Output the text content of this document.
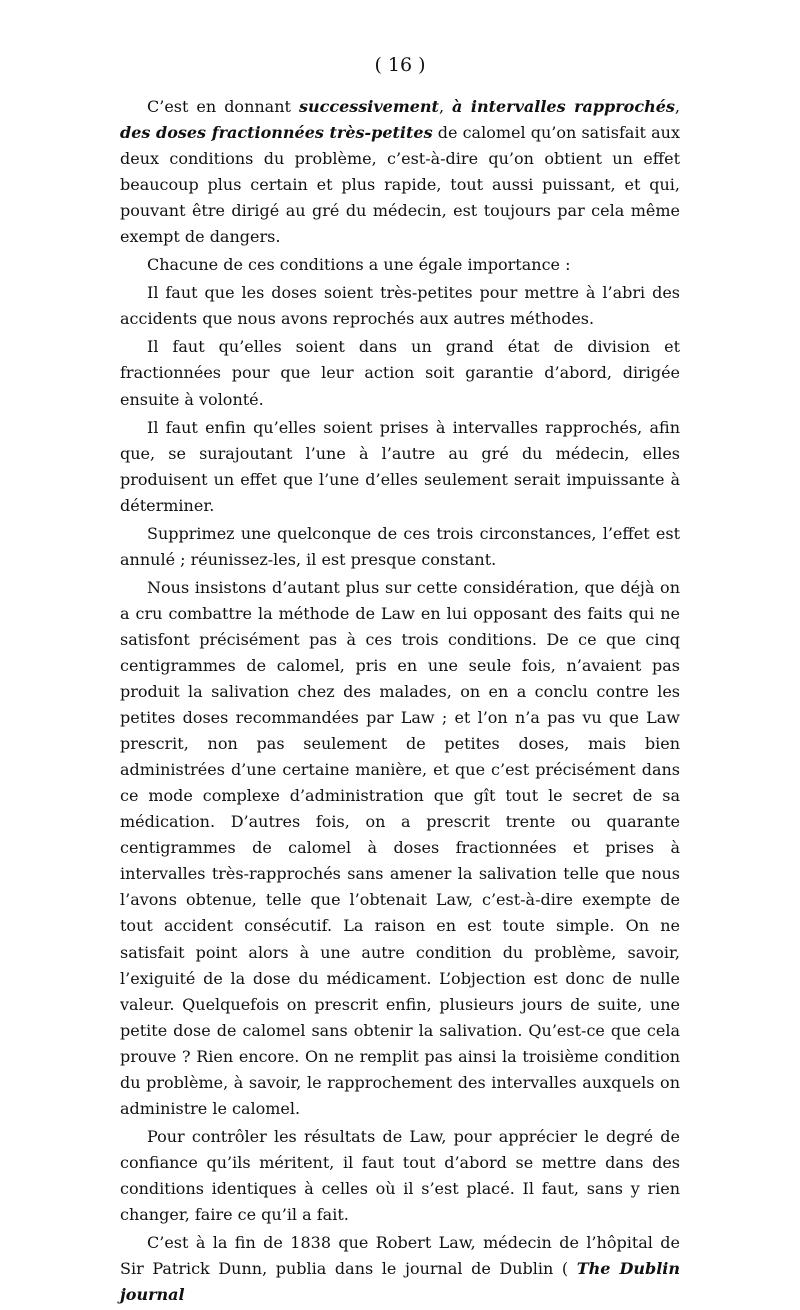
( 16 )

C’est en donnant successivement, à intervalles rapprochés, des doses fractionnées très-petites de calomel qu’on satisfait aux deux conditions du problème, c’est-à-dire qu’on obtient un effet beaucoup plus certain et plus rapide, tout aussi puissant, et qui, pouvant être dirigé au gré du médecin, est toujours par cela même exempt de dangers.

Chacune de ces conditions a une égale importance :

Il faut que les doses soient très-petites pour mettre à l’abri des accidents que nous avons reprochés aux autres méthodes.

Il faut qu’elles soient dans un grand état de division et fractionnées pour que leur action soit garantie d’abord, dirigée ensuite à volonté.

Il faut enfin qu’elles soient prises à intervalles rapprochés, afin que, se surajoutant l’une à l’autre au gré du médecin, elles produisent un effet que l’une d’elles seulement serait impuissante à déterminer.

Supprimez une quelconque de ces trois circonstances, l’effet est annulé ; réunissez-les, il est presque constant.

Nous insistons d’autant plus sur cette considération, que déjà on a cru combattre la méthode de Law en lui opposant des faits qui ne satisfont précisément pas à ces trois conditions. De ce que cinq centigrammes de calomel, pris en une seule fois, n’avaient pas produit la salivation chez des malades, on en a conclu contre les petites doses recommandées par Law ; et l’on n’a pas vu que Law prescrit, non pas seulement de petites doses, mais bien administrées d’une certaine manière, et que c’est précisément dans ce mode complexe d’administration que gît tout le secret de sa médication. D’autres fois, on a prescrit trente ou quarante centigrammes de calomel à doses fractionnées et prises à intervalles très-rapprochés sans amener la salivation telle que nous l’avons obtenue, telle que l’obtenait Law, c’est-à-dire exempte de tout accident consécutif. La raison en est toute simple. On ne satisfait point alors à une autre condition du problème, savoir, l’exiguité de la dose du médicament. L’objection est donc de nulle valeur. Quelquefois on prescrit enfin, plusieurs jours de suite, une petite dose de calomel sans obtenir la salivation. Qu’est-ce que cela prouve ? Rien encore. On ne remplit pas ainsi la troisième condition du problème, à savoir, le rapprochement des intervalles auxquels on administre le calomel.

Pour contrôler les résultats de Law, pour apprécier le degré de confiance qu’ils méritent, il faut tout d’abord se mettre dans des conditions identiques à celles où il s’est placé. Il faut, sans y rien changer, faire ce qu’il a fait.

C’est à la fin de 1838 que Robert Law, médecin de l’hôpital de Sir Patrick Dunn, publia dans le journal de Dublin ( The Dublin journal
